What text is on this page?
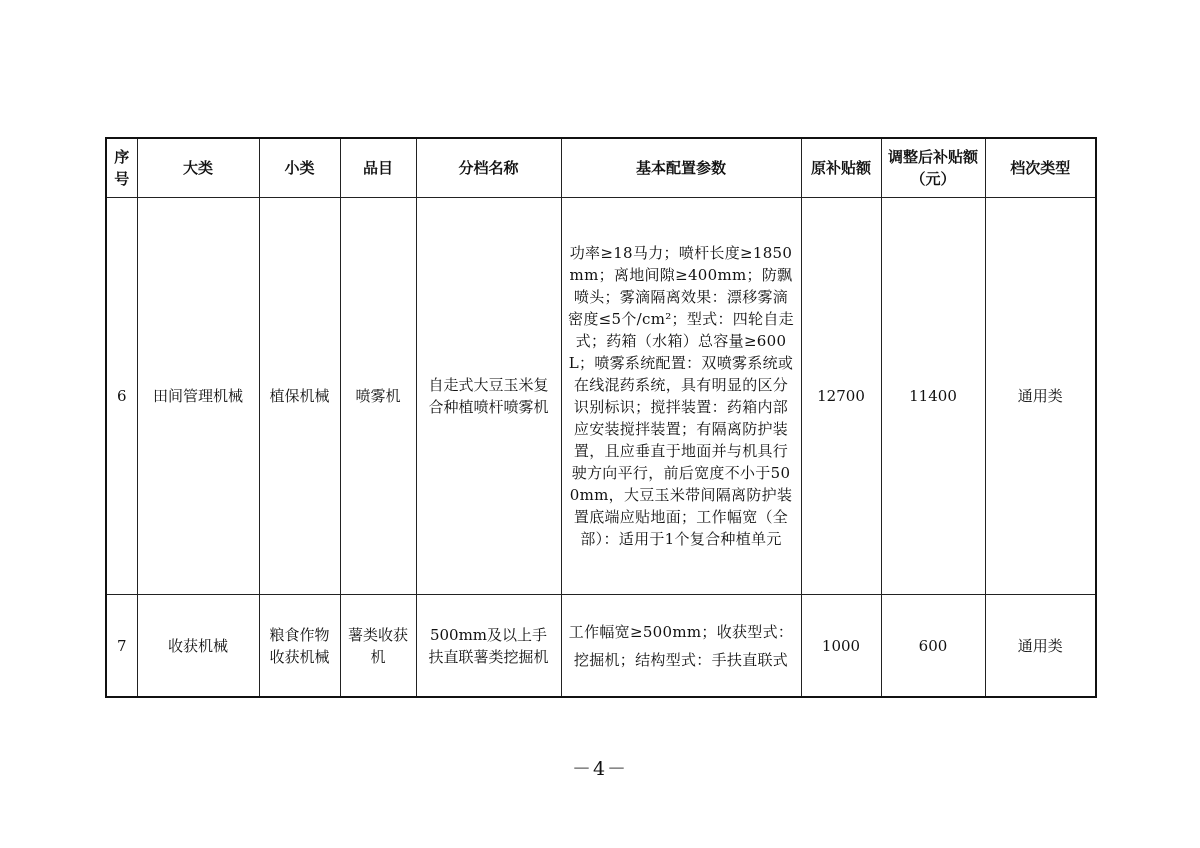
序号	大类	小类	品目	分档名称	基本配置参数	原补贴额	调整后补贴额（元）	档次类型
6	田间管理机械	植保机械	喷雾机	自走式大豆玉米复合种植喷杆喷雾机	功率≥18马力；喷杆长度≥1850mm；离地间隙≥400mm；防飘喷头；雾滴隔离效果：漂移雾滴密度≤5个/cm²；型式：四轮自走式；药箱（水箱）总容量≥600L；喷雾系统配置：双喷雾系统或在线混药系统，具有明显的区分识别标识；搅拌装置：药箱内部应安装搅拌装置；有隔离防护装置，且应垂直于地面并与机具行驶方向平行，前后宽度不小于500mm，大豆玉米带间隔离防护装置底端应贴地面；工作幅宽（全部）：适用于1个复合种植单元	12700	11400	通用类
7	收获机械	粮食作物收获机械	薯类收获机	500mm及以上手扶直联薯类挖掘机	工作幅宽≥500mm；收获型式：挖掘机；结构型式：手扶直联式	1000	600	通用类
－4－
